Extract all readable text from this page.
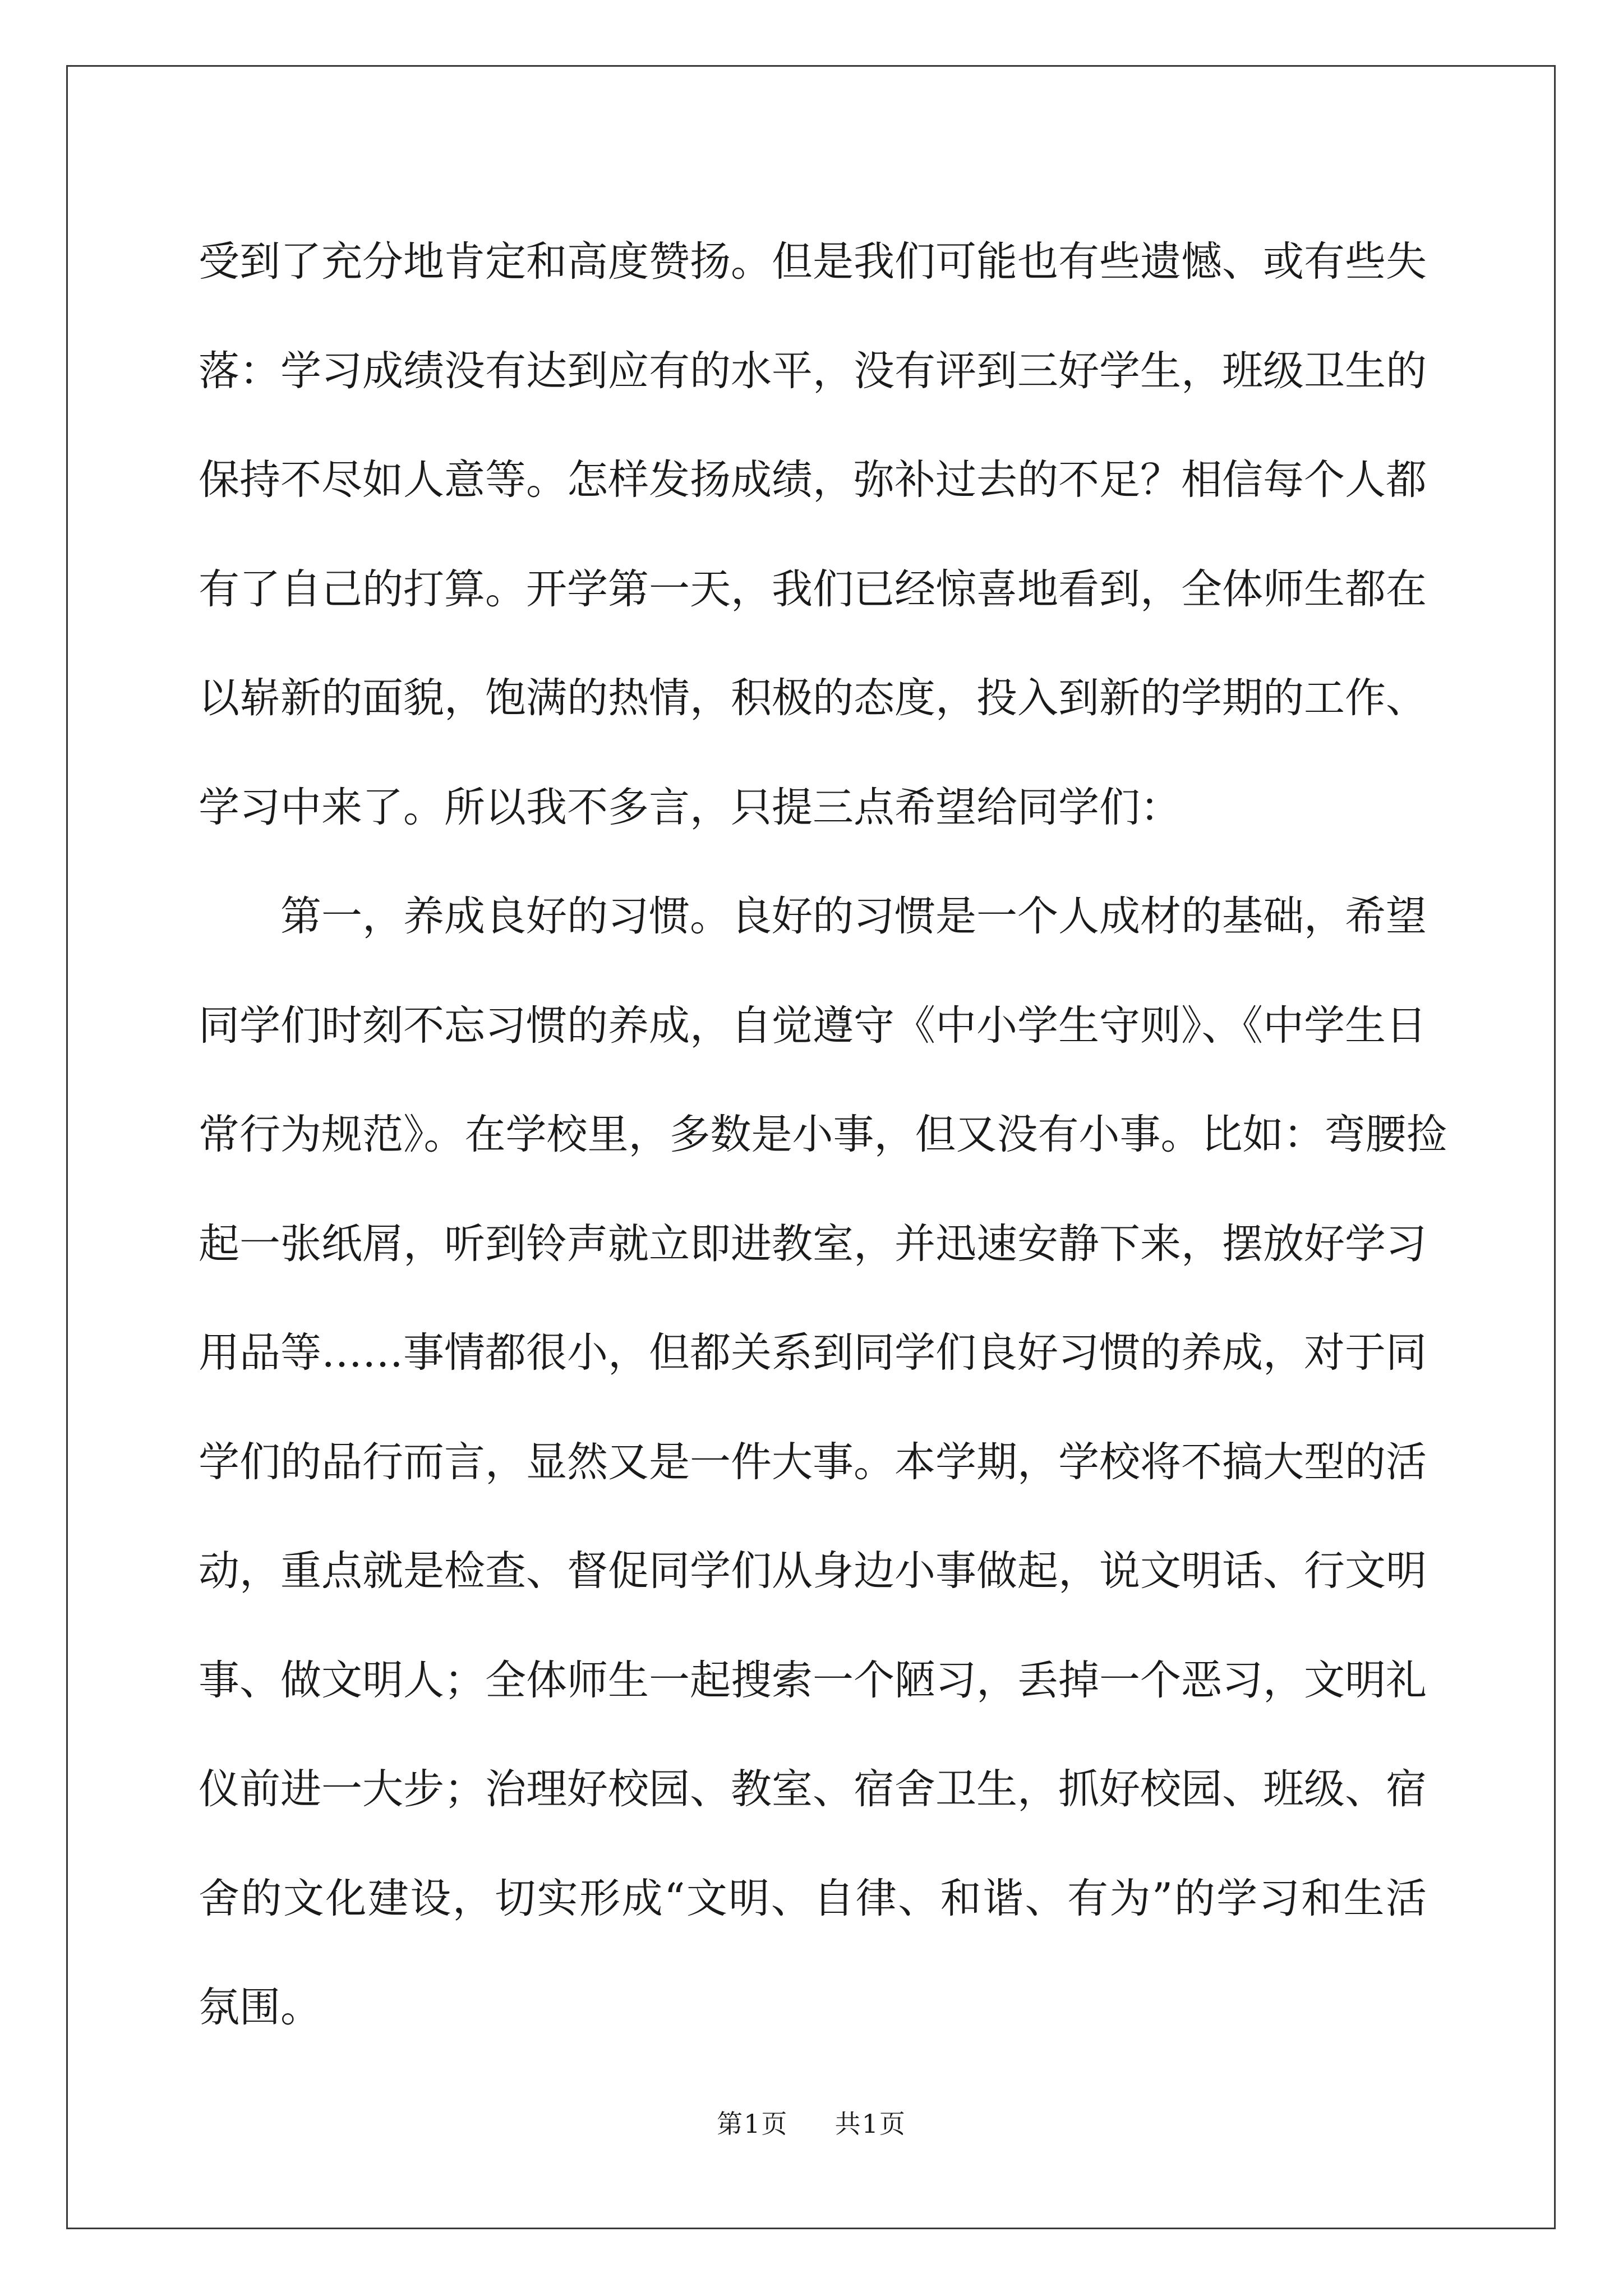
受到了充分地肯定和高度赞扬。但是我们可能也有些遗憾、或有些失
落：学习成绩没有达到应有的水平，没有评到三好学生，班级卫生的
保持不尽如人意等。怎样发扬成绩，弥补过去的不足？相信每个人都
有了自己的打算。开学第一天，我们已经惊喜地看到，全体师生都在
以崭新的面貌，饱满的热情，积极的态度，投入到新的学期的工作、
学习中来了。所以我不多言，只提三点希望给同学们：
第一，养成良好的习惯。良好的习惯是一个人成材的基础，希望
同学们时刻不忘习惯的养成，自觉遵守《中小学生守则》、《中学生日
常行为规范》。在学校里，多数是小事，但又没有小事。比如：弯腰捡
起一张纸屑，听到铃声就立即进教室，并迅速安静下来，摆放好学习
用品等……事情都很小，但都关系到同学们良好习惯的养成，对于同
学们的品行而言，显然又是一件大事。本学期，学校将不搞大型的活
动，重点就是检查、督促同学们从身边小事做起，说文明话、行文明
事、做文明人；全体师生一起搜索一个陋习，丢掉一个恶习，文明礼
仪前进一大步；治理好校园、教室、宿舍卫生，抓好校园、班级、宿
舍的文化建设，切实形成“文明、自律、和谐、有为”的学习和生活
氛围。
第1页 共1页
